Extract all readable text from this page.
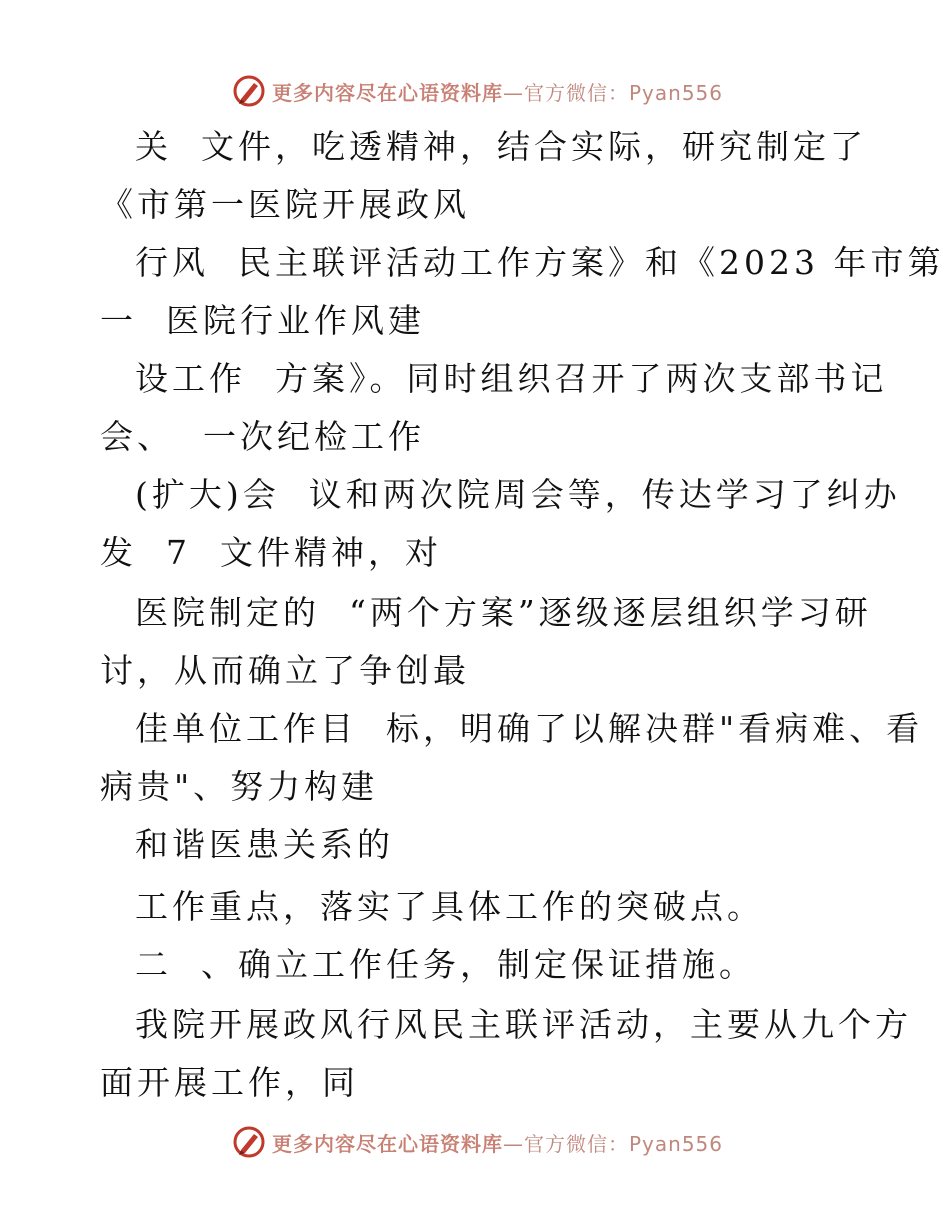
更多内容尽在心语资料库—官方微信：Pyan556
关  文件，吃透精神，结合实际，研究制定了
《市第一医院开展政风
行风  民主联评活动工作方案》和《2023 年市第
一  医院行业作风建
设工作  方案》。同时组织召开了两次支部书记
会、  一次纪检工作
(扩大)会  议和两次院周会等，传达学习了纠办
发  7  文件精神，对
医院制定的  “两个方案”逐级逐层组织学习研
讨，从而确立了争创最
佳单位工作目  标，明确了以解决群"看病难、看
病贵"、努力构建
和谐医患关系的
工作重点，落实了具体工作的突破点。
二  、确立工作任务，制定保证措施。
我院开展政风行风民主联评活动，主要从九个方
面开展工作，同
更多内容尽在心语资料库—官方微信：Pyan556
